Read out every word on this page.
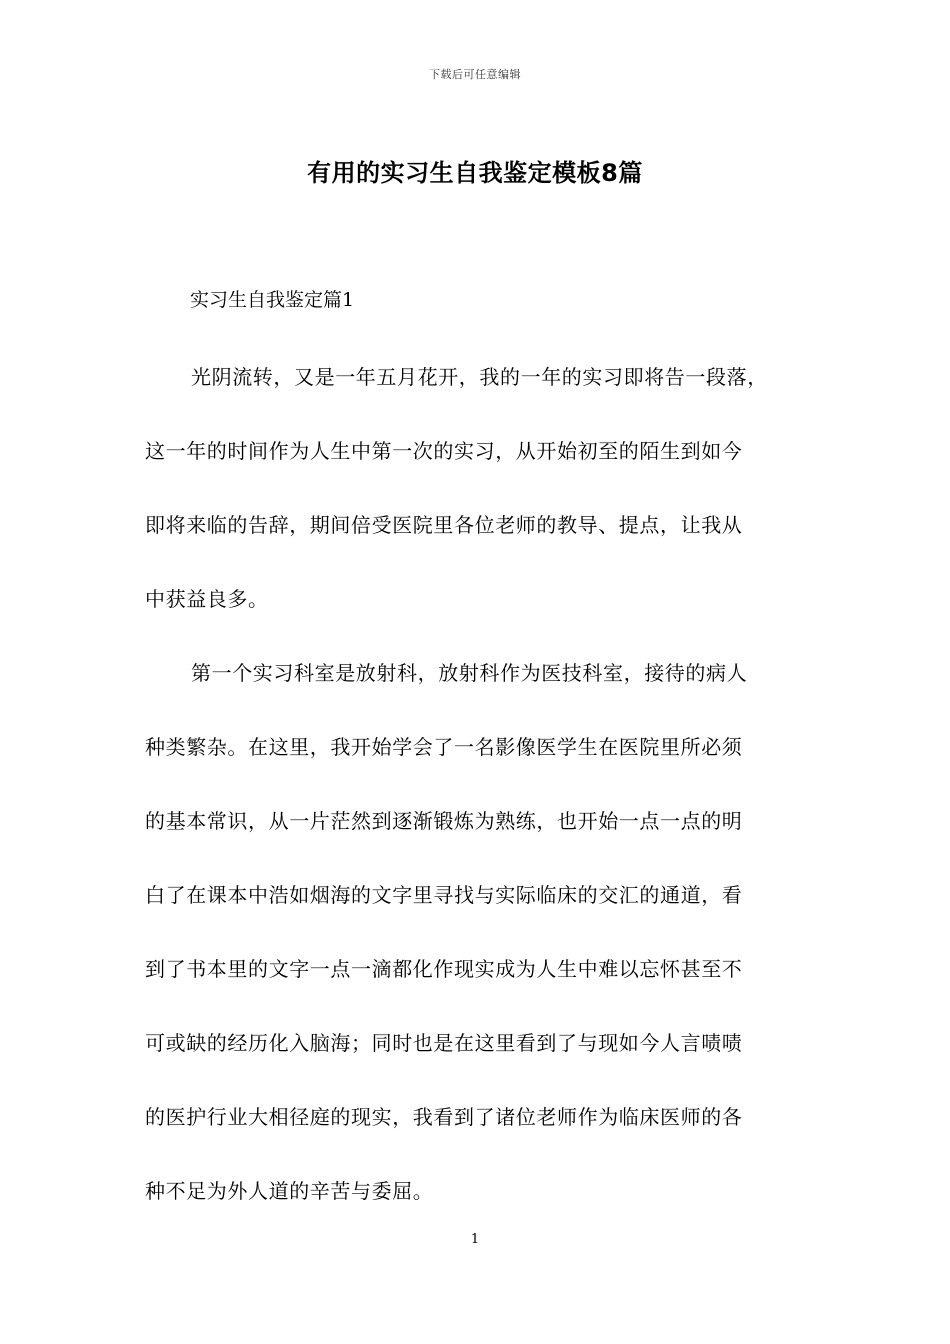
下载后可任意编辑
有用的实习生自我鉴定模板8篇
实习生自我鉴定篇1
光阴流转，又是一年五月花开，我的一年的实习即将告一段落，
这一年的时间作为人生中第一次的实习，从开始初至的陌生到如今
即将来临的告辞，期间倍受医院里各位老师的教导、提点，让我从
中获益良多。
第一个实习科室是放射科，放射科作为医技科室，接待的病人
种类繁杂。在这里，我开始学会了一名影像医学生在医院里所必须
的基本常识，从一片茫然到逐渐锻炼为熟练，也开始一点一点的明
白了在课本中浩如烟海的文字里寻找与实际临床的交汇的通道，看
到了书本里的文字一点一滴都化作现实成为人生中难以忘怀甚至不
可或缺的经历化入脑海；同时也是在这里看到了与现如今人言啧啧
的医护行业大相径庭的现实，我看到了诸位老师作为临床医师的各
种不足为外人道的辛苦与委屈。
1
